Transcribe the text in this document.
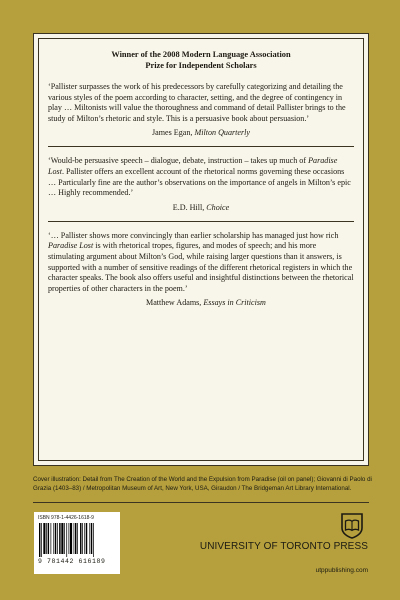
Winner of the 2008 Modern Language Association
Prize for Independent Scholars

‘Pallister surpasses the work of his predecessors by carefully categorizing and detailing the various styles of the poem according to character, setting, and the degree of contingency in play … Miltonists will value the thoroughness and command of detail Pallister brings to the study of Milton’s rhetoric and style. This is a persuasive book about persuasion.’

James Egan, Milton Quarterly

‘Would-be persuasive speech – dialogue, debate, instruction – takes up much of Paradise Lost. Pallister offers an excellent account of the rhetorical norms governing these occasions … Particularly fine are the author’s observations on the importance of angels in Milton’s epic … Highly recommended.’

E.D. Hill, Choice

‘… Pallister shows more convincingly than earlier scholarship has managed just how rich Paradise Lost is with rhetorical tropes, figures, and modes of speech; and his more stimulating argument about Milton’s God, while raising larger questions than it answers, is supported with a number of sensitive readings of the different rhetorical registers in which the character speaks. The book also offers useful and insightful distinctions between the rhetorical properties of other characters in the poem.’

Matthew Adams, Essays in Criticism

Cover illustration: Detail from The Creation of the World and the Expulsion from Paradise (oil on panel); Giovanni di Paolo di Grazia (1403–83) / Metropolitan Museum of Art, New York, USA, Giraudon / The Bridgeman Art Library International.

ISBN 978-1-4426-1618-9
9 781442 616189
UNIVERSITY OF TORONTO PRESS
utppublishing.com
